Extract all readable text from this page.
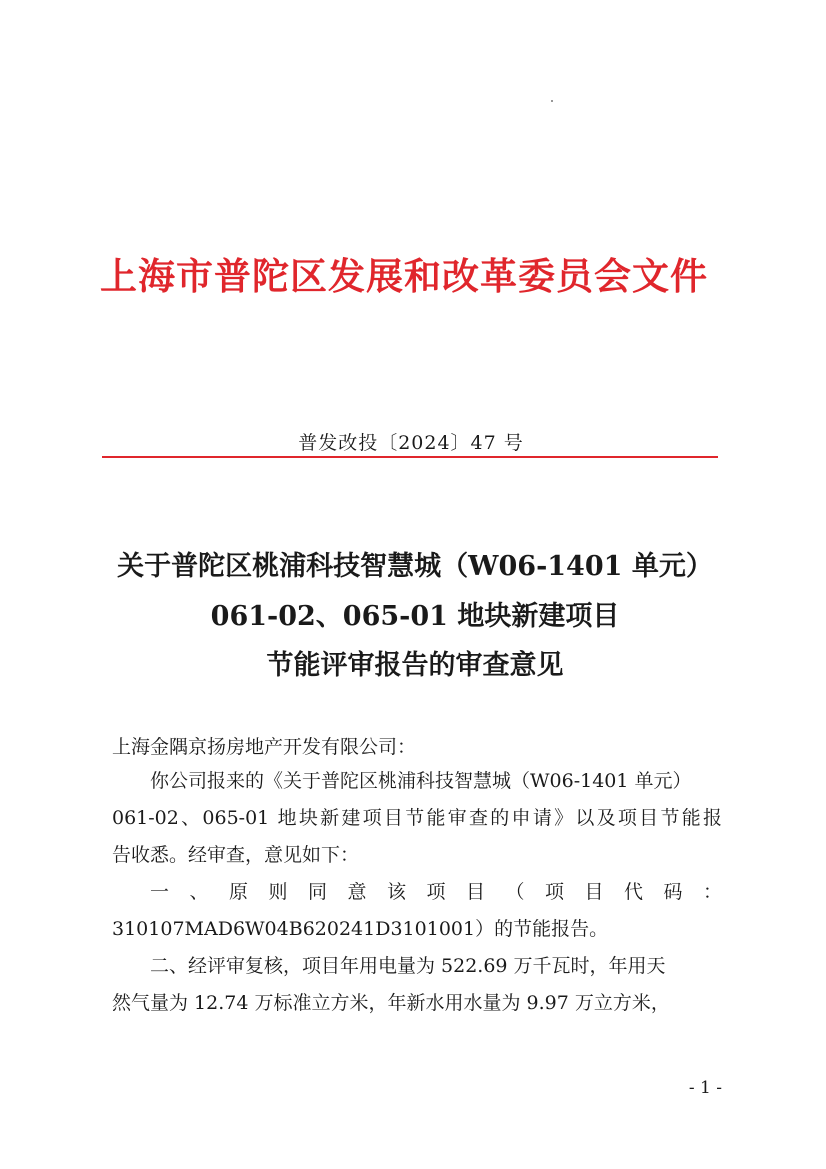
上海市普陀区发展和改革委员会文件
普发改投〔2024〕47 号
关于普陀区桃浦科技智慧城（W06-1401 单元）
061-02、065-01 地块新建项目
节能评审报告的审查意见
上海金隅京扬房地产开发有限公司：
你公司报来的《关于普陀区桃浦科技智慧城（W06-1401 单元）
061-02、065-01 地块新建项目节能审查的申请》以及项目节能报
告收悉。经审查，意见如下：
一、原则同意该项目（项目代码：
310107MAD6W04B620241D3101001）的节能报告。
二、经评审复核，项目年用电量为 522.69 万千瓦时，年用天
然气量为 12.74 万标准立方米，年新水用水量为 9.97 万立方米，
- 1 -
